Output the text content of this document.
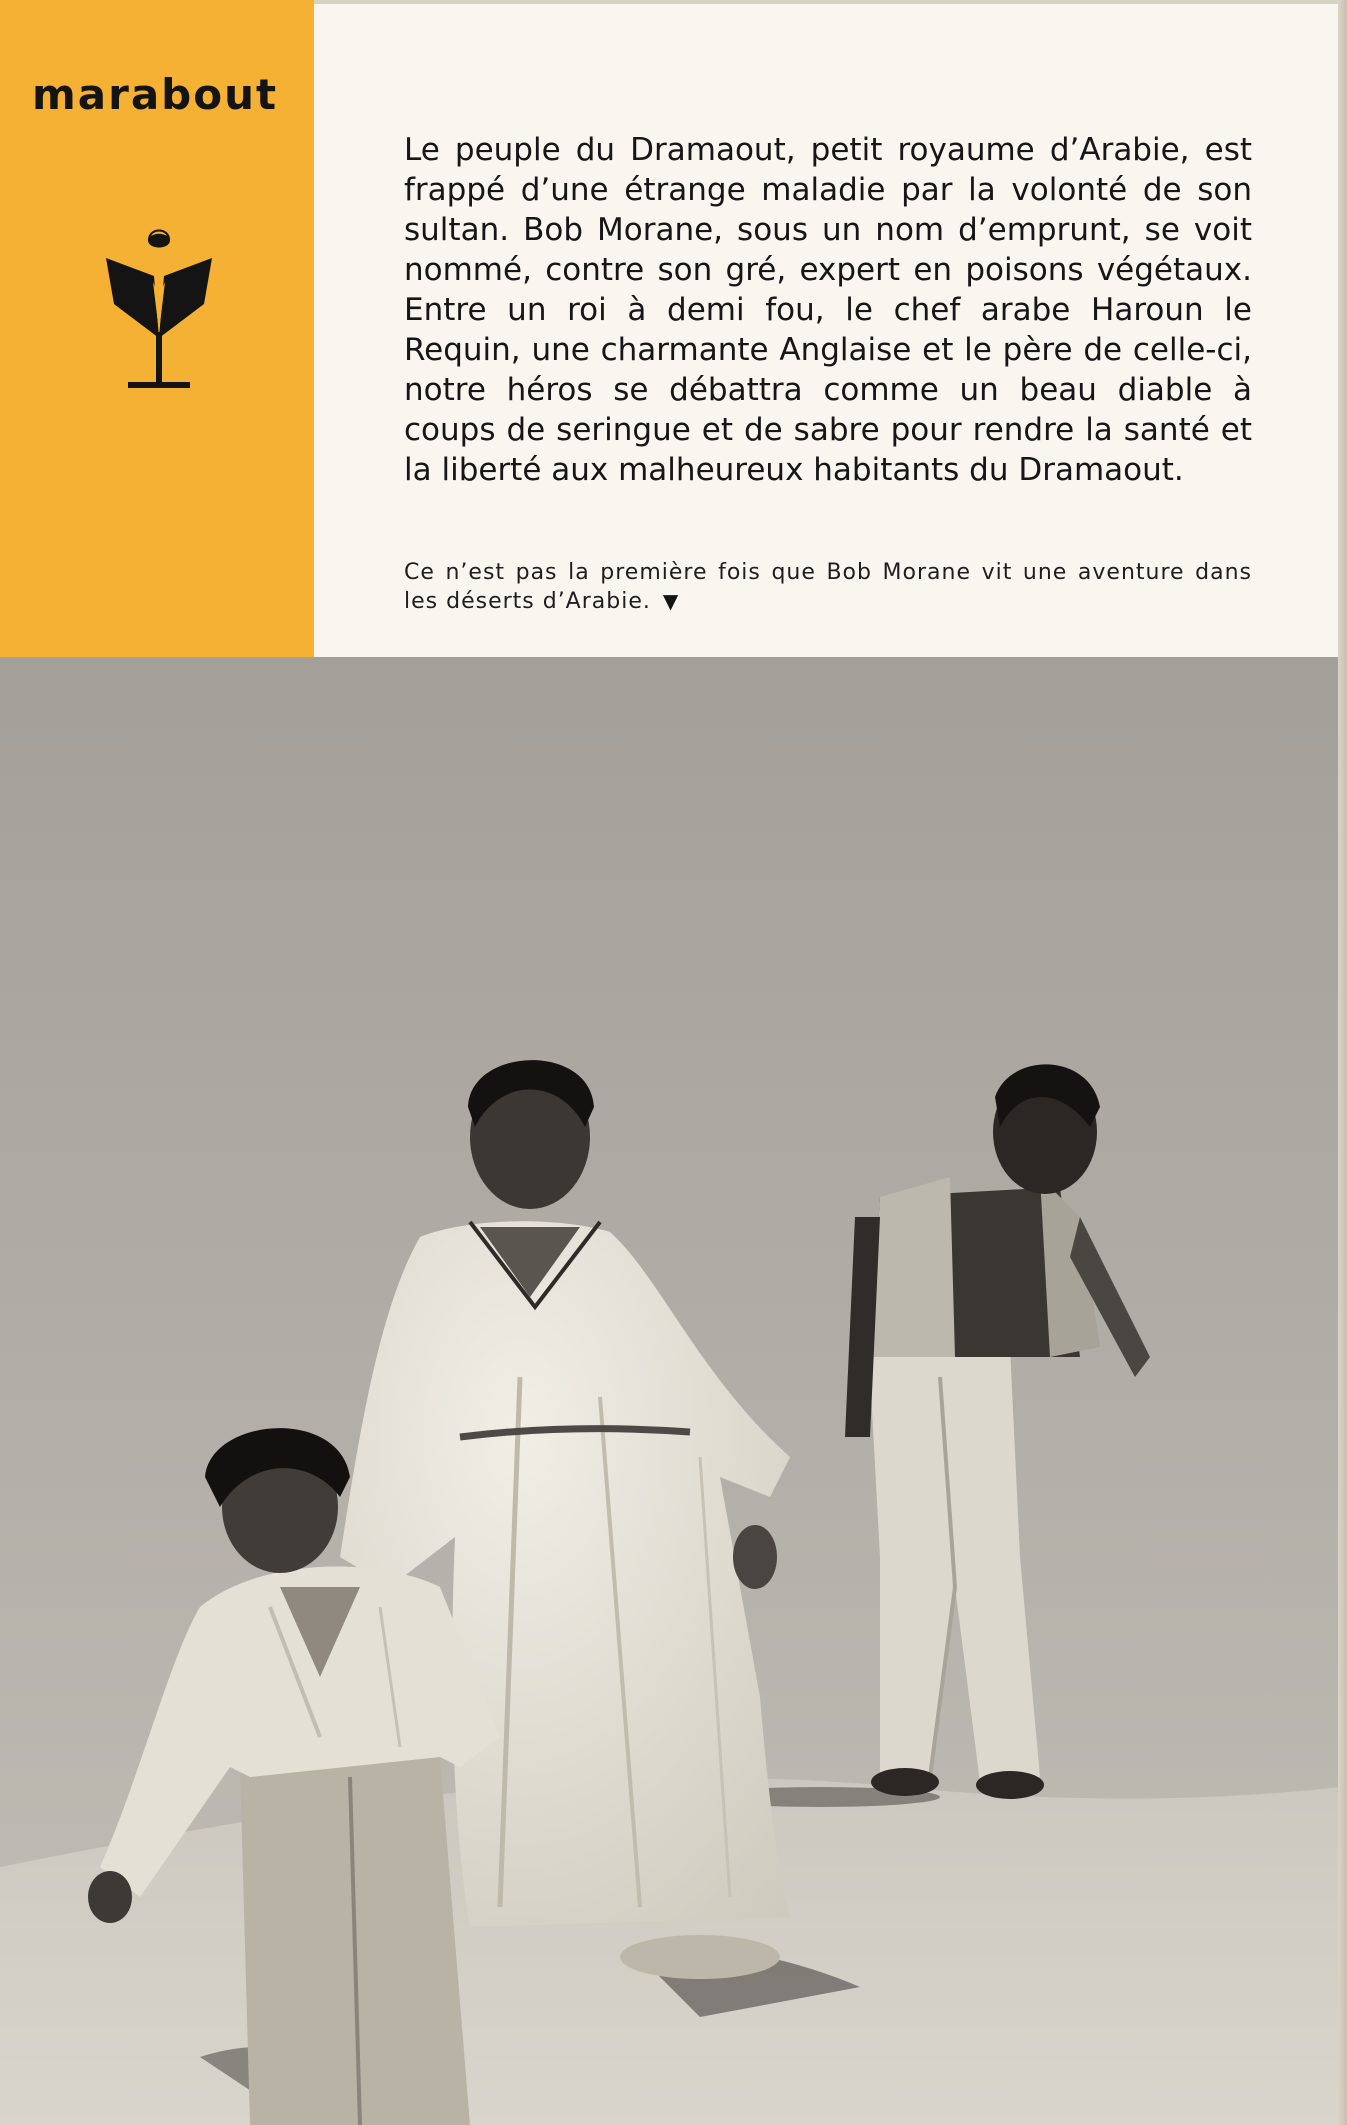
marabout

Le peuple du Dramaout, petit royaume d’Arabie, est frappé d’une étrange maladie par la volonté de son sultan. Bob Morane, sous un nom d’emprunt, se voit nommé, contre son gré, expert en poisons végétaux. Entre un roi à demi fou, le chef arabe Haroun le Requin, une charmante Anglaise et le père de celle-ci, notre héros se débattra comme un beau diable à coups de seringue et de sabre pour rendre la santé et la liberté aux malheureux habitants du Dramaout.

Ce n’est pas la première fois que Bob Morane vit une aventure dans les déserts d’Arabie. ▼
